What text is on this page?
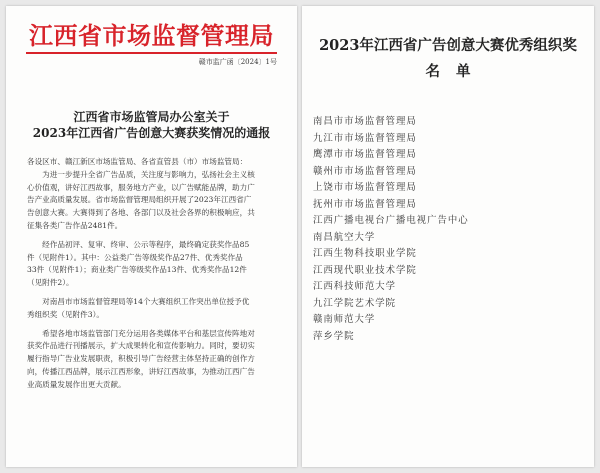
江西省市场监督管理局
赣市监广函〔2024〕1号
江西省市场监管局办公室关于
2023年江西省广告创意大赛获奖情况的通报
各设区市、赣江新区市场监管局、各省直管县（市）市场监管局：
　　为进一步提升全省广告品质，关注度与影响力，弘扬社会主义核
心价值观，讲好江西故事，服务地方产业，以广告赋能品牌，助力广
告产业高质量发展。省市场监督管理局组织开展了2023年江西省广
告创意大赛。大赛得到了各地、各部门以及社会各界的积极响应，共
征集各类广告作品2481件。
　　经作品初评、复审、终审、公示等程序，最终确定获奖作品85
件（见附件1）。其中：公益类广告等级奖作品27件、优秀奖作品
33件（见附件1）；商业类广告等级奖作品13件、优秀奖作品12件
（见附件2）。
　　对南昌市市场监督管理局等14个大赛组织工作突出单位授予优
秀组织奖（见附件3）。
　　希望各地市场监管部门充分运用各类媒体平台和基层宣传阵地对
获奖作品进行刊播展示，扩大成果转化和宣传影响力。同时，要切实
履行指导广告业发展职责，积极引导广告经营主体坚持正确的创作方
向，传播江西品牌，展示江西形象，讲好江西故事，为推动江西广告
业高质量发展作出更大贡献。
2023年江西省广告创意大赛优秀组织奖
名单
南昌市市场监督管理局
九江市市场监督管理局
鹰潭市市场监督管理局
赣州市市场监督管理局
上饶市市场监督管理局
抚州市市场监督管理局
江西广播电视台广播电视广告中心
南昌航空大学
江西生物科技职业学院
江西现代职业技术学院
江西科技师范大学
九江学院艺术学院
赣南师范大学
萍乡学院
